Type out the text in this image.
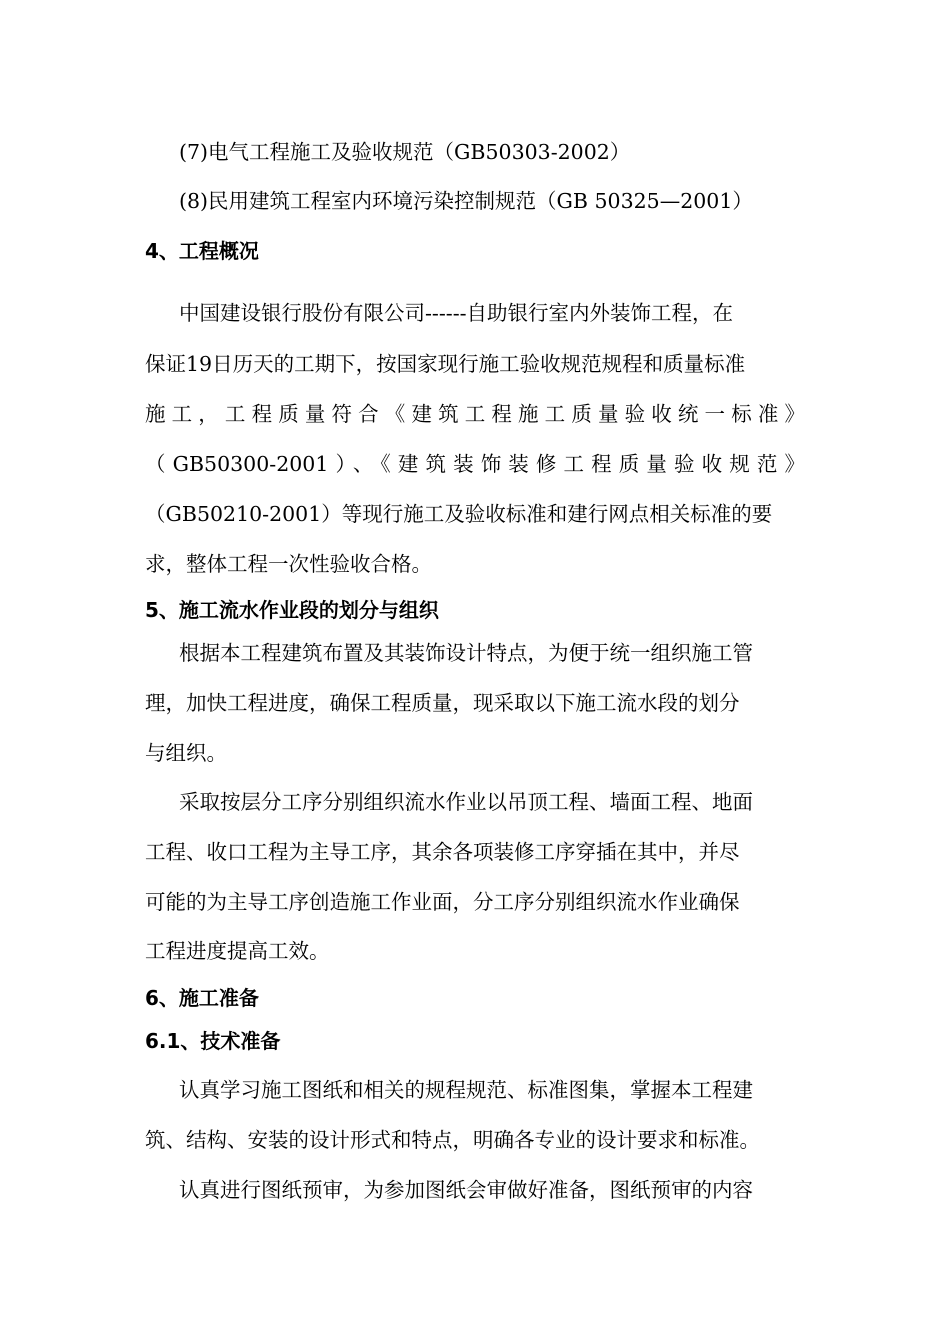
(7)电气工程施工及验收规范（GB50303-2002）
(8)民用建筑工程室内环境污染控制规范（GB 50325—2001）
4、工程概况
中国建设银行股份有限公司------自助银行室内外装饰工程，在
保证19日历天的工期下，按国家现行施工验收规范规程和质量标准
施工，工程质量符合《建筑工程施工质量验收统一标准》
（GB50300-2001）、《建筑装饰装修工程质量验收规范》
（GB50210-2001）等现行施工及验收标准和建行网点相关标准的要
求，整体工程一次性验收合格。
5、施工流水作业段的划分与组织
根据本工程建筑布置及其装饰设计特点，为便于统一组织施工管
理，加快工程进度，确保工程质量，现采取以下施工流水段的划分
与组织。
采取按层分工序分别组织流水作业以吊顶工程、墙面工程、地面
工程、收口工程为主导工序，其余各项装修工序穿插在其中，并尽
可能的为主导工序创造施工作业面，分工序分别组织流水作业确保
工程进度提高工效。
6、施工准备
6.1、技术准备
认真学习施工图纸和相关的规程规范、标准图集，掌握本工程建
筑、结构、安装的设计形式和特点，明确各专业的设计要求和标准。
认真进行图纸预审，为参加图纸会审做好准备，图纸预审的内容
